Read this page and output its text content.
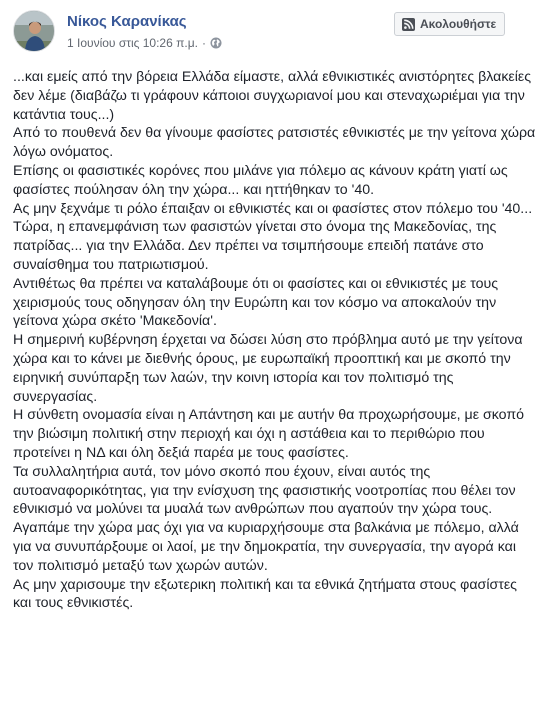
Νίκος Καρανίκας
1 Ιουνίου στις 10:26 π.μ. ·
Ακολουθήστε

...και εμείς από την βόρεια Ελλάδα είμαστε, αλλά εθνικιστικές ανιστόρητες βλακείες δεν λέμε (διαβάζω τι γράφουν κάποιοι συγχωριανοί μου και στεναχωριέμαι για την κατάντια τους...)

Από το πουθενά δεν θα γίνουμε φασίστες ρατσιστές εθνικιστές με την γείτονα χώρα λόγω ονόματος.

Επίσης οι φασιστικές κορόνες που μιλάνε για πόλεμο ας κάνουν κράτη γιατί ως φασίστες πούλησαν όλη την χώρα... και ηττήθηκαν το '40.

Ας μην ξεχνάμε τι ρόλο έπαιξαν οι εθνικιστές και οι φασίστες στον πόλεμο του '40...

Τώρα, η επανεμφάνιση των φασιστών γίνεται στο όνομα της Μακεδονίας, της πατρίδας... για την Ελλάδα. Δεν πρέπει να τσιμπήσουμε επειδή πατάνε στο συναίσθημα του πατριωτισμού.

Αντιθέτως θα πρέπει να καταλάβουμε ότι οι φασίστες και οι εθνικιστές με τους χειρισμούς τους οδηγησαν όλη την Ευρώπη και τον κόσμο να αποκαλούν την γείτονα χώρα σκέτο 'Μακεδονία'.

Η σημερινή κυβέρνηση έρχεται να δώσει λύση στο πρόβλημα αυτό με την γείτονα χώρα και το κάνει με διεθνής όρους, με ευρωπαϊκή προοπτική και με σκοπό την ειρηνική συνύπαρξη των λαών, την κοινη ιστορία και τον πολιτισμό της συνεργασίας.

Η σύνθετη ονομασία είναι η Απάντηση και με αυτήν θα προχωρήσουμε, με σκοπό την βιώσιμη πολιτική στην περιοχή και όχι η αστάθεια και το περιθώριο που προτείνει η ΝΔ και όλη δεξιά παρέα με τους φασίστες.

Τα συλλαλητήρια αυτά, τον μόνο σκοπό που έχουν, είναι αυτός της αυτοαναφορικότητας, για την ενίσχυση της φασιστικής νοοτροπίας που θέλει τον εθνικισμό να μολύνει τα μυαλά των ανθρώπων που αγαπούν την χώρα τους.

Αγαπάμε την χώρα μας όχι για να κυριαρχήσουμε στα βαλκάνια με πόλεμο, αλλά για να συνυπάρξουμε οι λαοί, με την δημοκρατία, την συνεργασία, την αγορά και τον πολιτισμό μεταξύ των χωρών αυτών.

Ας μην χαρισουμε την εξωτερικη πολιτική και τα εθνικά ζητήματα στους φασίστες και τους εθνικιστές.
